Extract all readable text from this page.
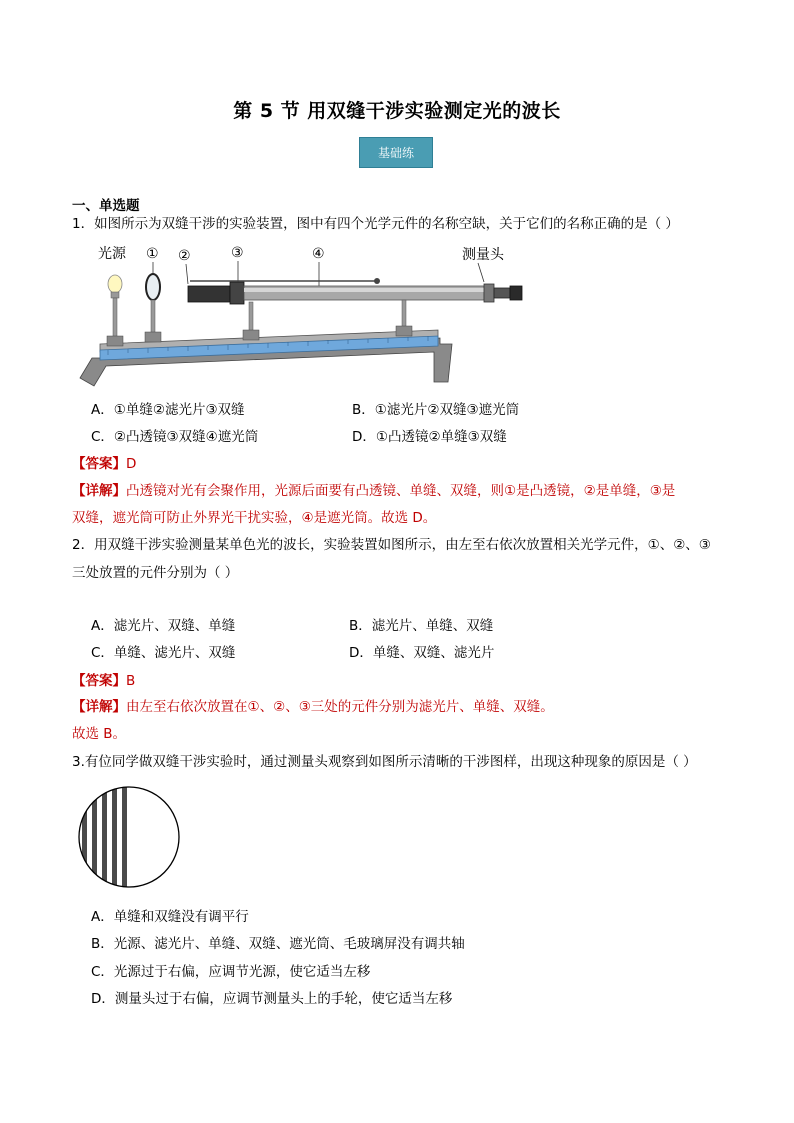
第 5 节 用双缝干涉实验测定光的波长
基础练
一、单选题
1．如图所示为双缝干涉的实验装置，图中有四个光学元件的名称空缺，关于它们的名称正确的是（ ）
光源 ① ②	③	④	测量头
A．①单缝②滤光片③双缝	B．①滤光片②双缝③遮光筒
C．②凸透镜③双缝④遮光筒	D．①凸透镜②单缝③双缝
【答案】D
【详解】凸透镜对光有会聚作用，光源后面要有凸透镜、单缝、双缝，则①是凸透镜，②是单缝，③是
双缝，遮光筒可防止外界光干扰实验，④是遮光筒。故选 D。
2．用双缝干涉实验测量某单色光的波长，实验装置如图所示，由左至右依次放置相关光学元件，①、②、③
三处放置的元件分别为（ ）
A．滤光片、双缝、单缝	B．滤光片、单缝、双缝
C．单缝、滤光片、双缝	D．单缝、双缝、滤光片
【答案】B
【详解】由左至右依次放置在①、②、③三处的元件分别为滤光片、单缝、双缝。
故选 B。
3.有位同学做双缝干涉实验时，通过测量头观察到如图所示清晰的干涉图样，出现这种现象的原因是（ ）
A．单缝和双缝没有调平行
B．光源、滤光片、单缝、双缝、遮光筒、毛玻璃屏没有调共轴
C．光源过于右偏，应调节光源，使它适当左移
D．测量头过于右偏，应调节测量头上的手轮，使它适当左移
